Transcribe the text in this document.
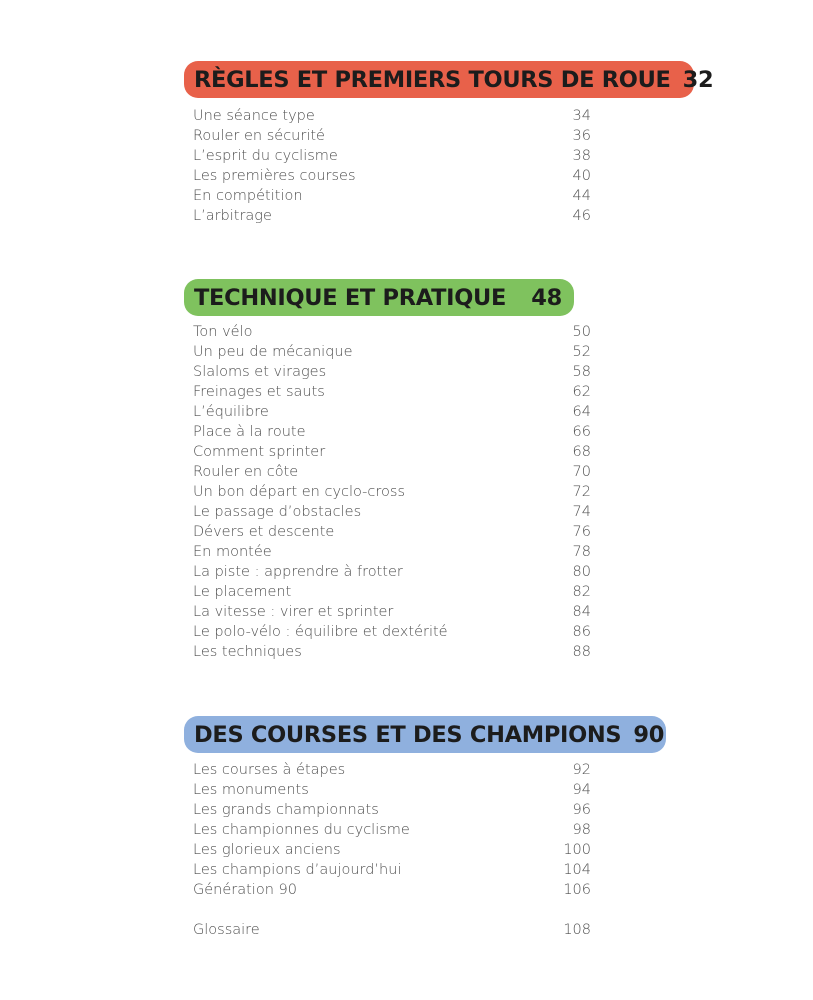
RÈGLES ET PREMIERS TOURS DE ROUE 32
Une séance type	34
Rouler en sécurité	36
L’esprit du cyclisme	38
Les premières courses	40
En compétition	44
L’arbitrage	46
TECHNIQUE ET PRATIQUE 48
Ton vélo	50
Un peu de mécanique	52
Slaloms et virages	58
Freinages et sauts	62
L’équilibre	64
Place à la route	66
Comment sprinter	68
Rouler en côte	70
Un bon départ en cyclo-cross	72
Le passage d’obstacles	74
Dévers et descente	76
En montée	78
La piste : apprendre à frotter	80
Le placement	82
La vitesse : virer et sprinter	84
Le polo-vélo : équilibre et dextérité	86
Les techniques	88
DES COURSES ET DES CHAMPIONS 90
Les courses à étapes	92
Les monuments	94
Les grands championnats	96
Les championnes du cyclisme	98
Les glorieux anciens	100
Les champions d’aujourd’hui	104
Génération 90	106
Glossaire	108
